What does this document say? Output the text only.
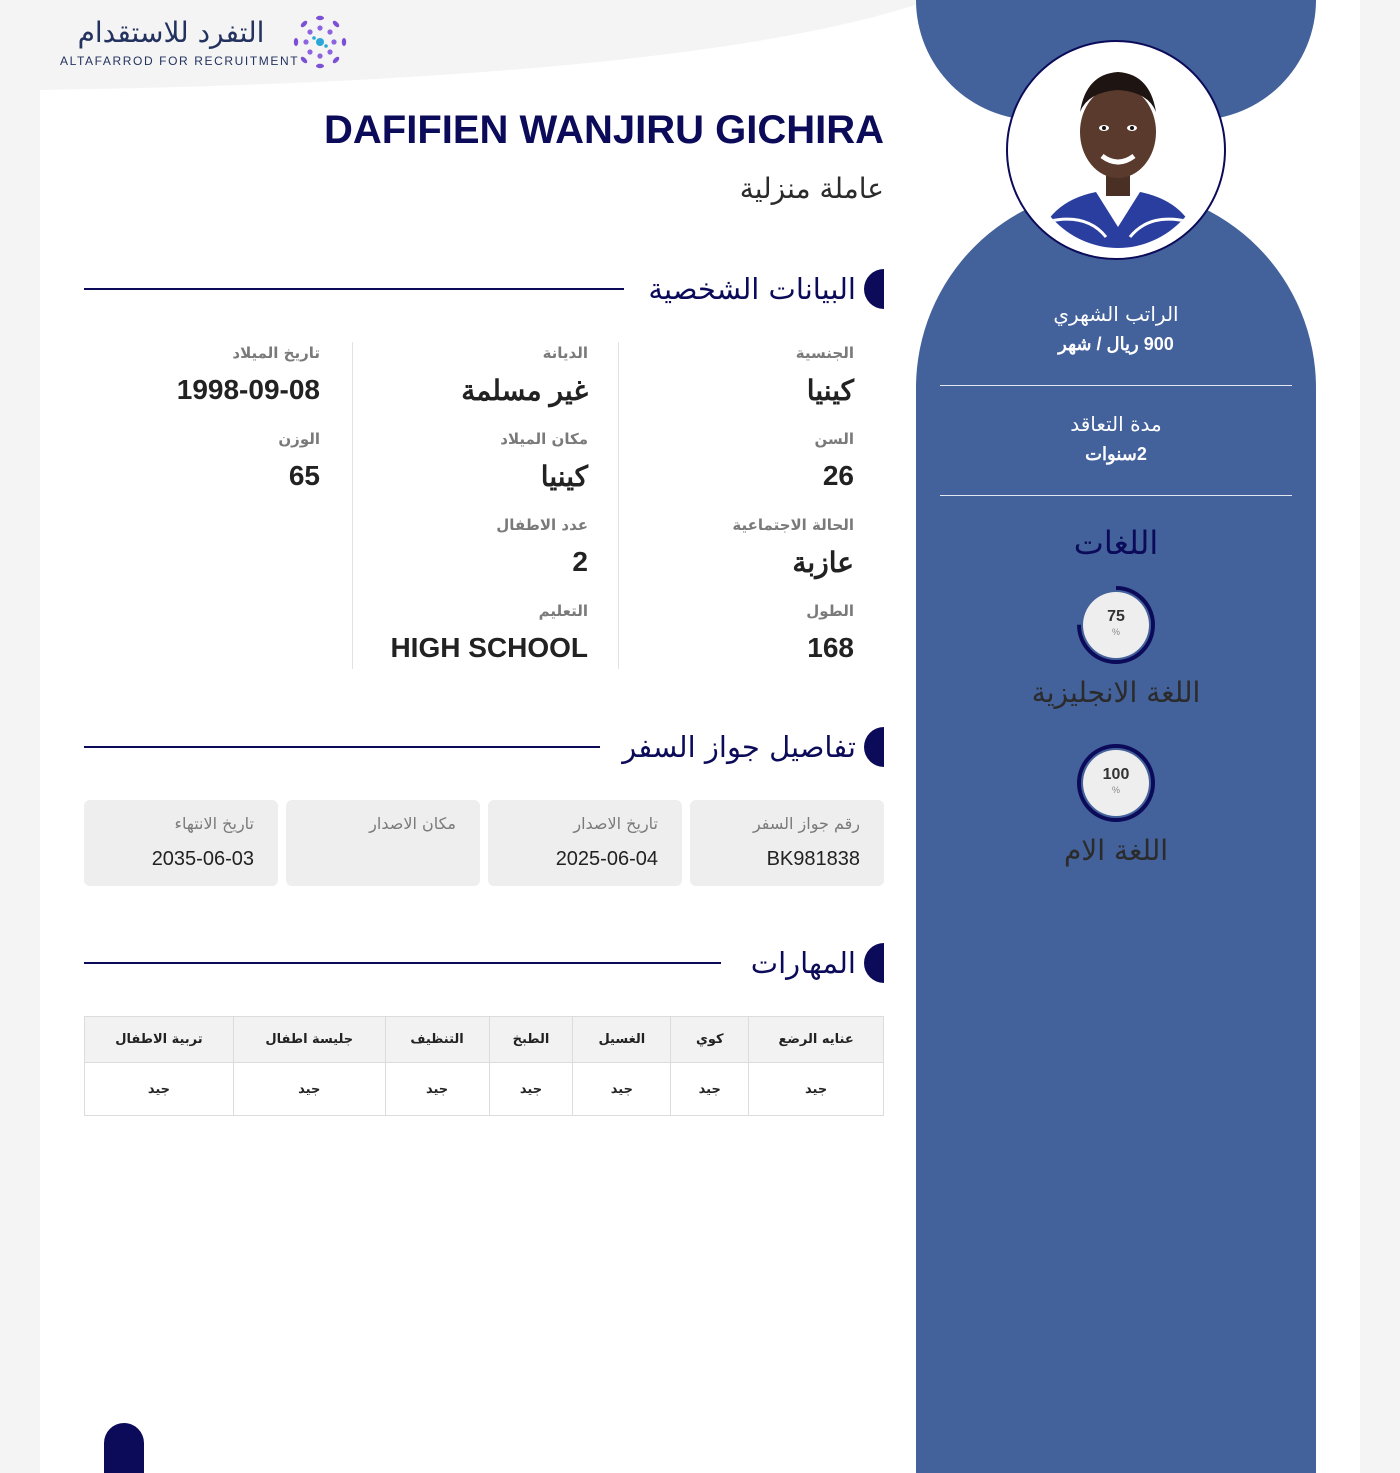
التفرد للاستقدام
ALTAFARROD FOR RECRUITMENT
الراتب الشهري
900 ريال / شهر
مدة التعاقد
2سنوات
اللغات
75
%
اللغة الانجليزية
100
%
اللغة الام
DAFIFIEN WANJIRU GICHIRA
عاملة منزلية
البيانات الشخصية
الجنسية
كينيا
السن
26
الحالة الاجتماعية
عازبة
الطول
168
الديانة
غير مسلمة
مكان الميلاد
كينيا
عدد الاطفال
2
التعليم
HIGH SCHOOL
تاريخ الميلاد
1998-09-08
الوزن
65
تفاصيل جواز السفر
رقم جواز السفر
BK981838
تاريخ الاصدار
2025-06-04
مكان الاصدار
تاريخ الانتهاء
2035-06-03
المهارات
عنايه الرضع	كوي	الغسيل	الطبخ	التنظيف	جليسة اطفال	تربية الاطفال
جيد	جيد	جيد	جيد	جيد	جيد	جيد
